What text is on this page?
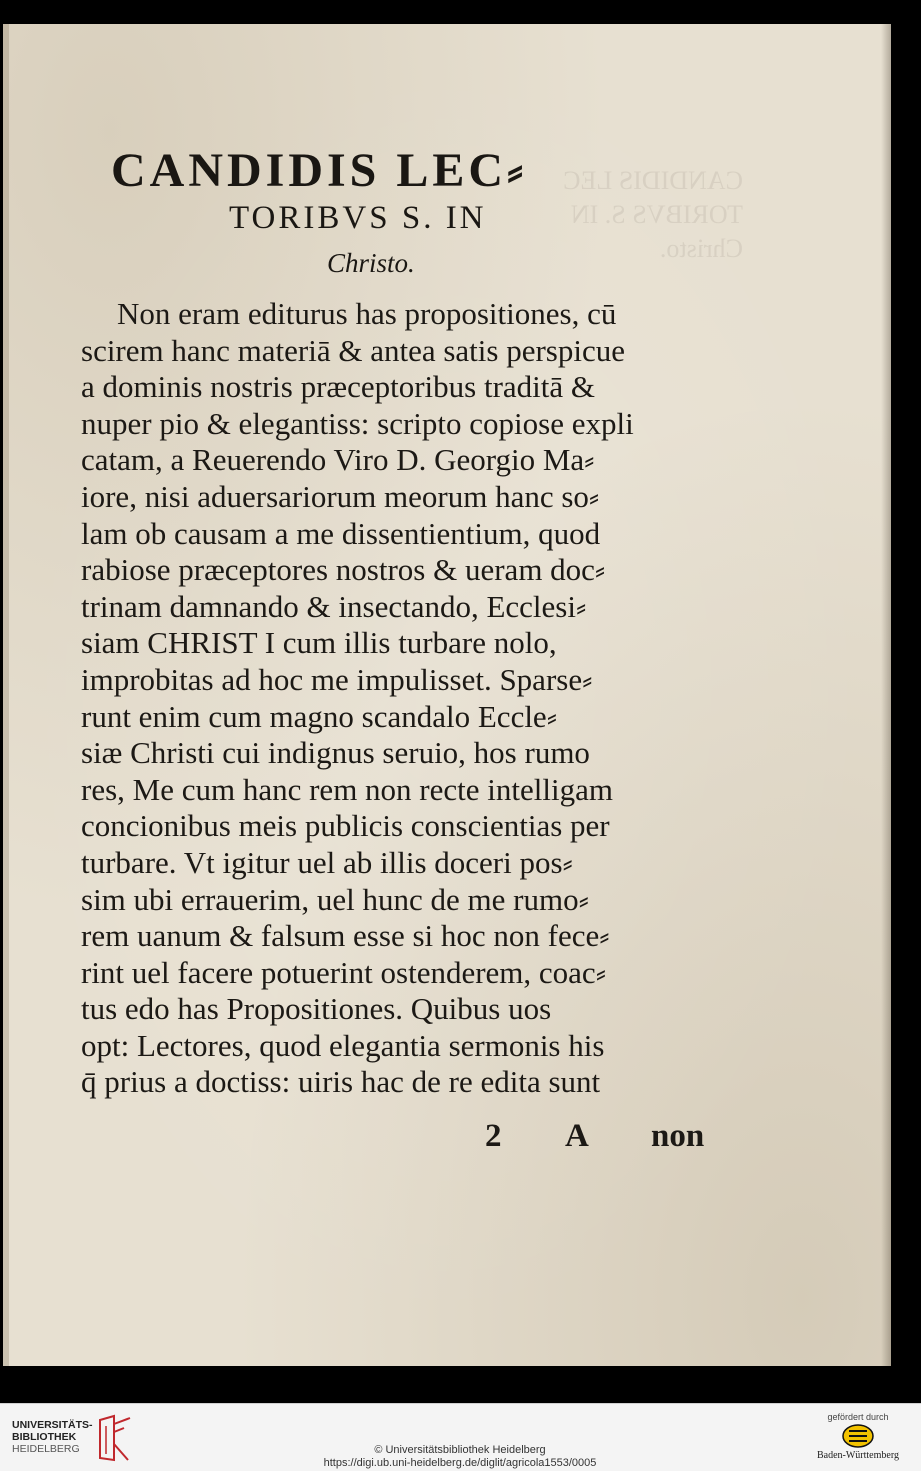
CANDIDIS LEC
TORIBVS S. IN
Christo.
CANDIDIS LEC⸗
TORIBVS S. IN
Christo.
Non eram editurus has propositiones, cū
scirem hanc materiā & antea satis perspicue
a dominis nostris præceptoribus traditā &
nuper pio & elegantiss: scripto copiose expli
catam, a Reuerendo Viro D. Georgio Ma⸗
iore, nisi aduersariorum meorum hanc so⸗
lam ob causam a me dissentientium, quod
rabiose præceptores nostros & ueram doc⸗
trinam damnando & insectando, Ecclesi⸗
siam CHRIST I cum illis turbare nolo,
improbitas ad hoc me impulisset. Sparse⸗
runt enim cum magno scandalo Eccle⸗
siæ Christi cui indignus seruio, hos rumo
res, Me cum hanc rem non recte intelligam
concionibus meis publicis conscientias per
turbare. Vt igitur uel ab illis doceri pos⸗
sim ubi errauerim, uel hunc de me rumo⸗
rem uanum & falsum esse si hoc non fece⸗
rint uel facere potuerint ostenderem, coac⸗
tus edo has Propositiones. Quibus uos
opt: Lectores, quod elegantia sermonis his
q̄ prius a doctiss: uiris hac de re edita sunt
2 A non
UNIVERSITÄTS-
BIBLIOTHEK
HEIDELBERG	© Universitätsbibliothek Heidelberg
https://digi.ub.uni-heidelberg.de/diglit/agricola1553/0005
gefördert durch
Baden-Württemberg
